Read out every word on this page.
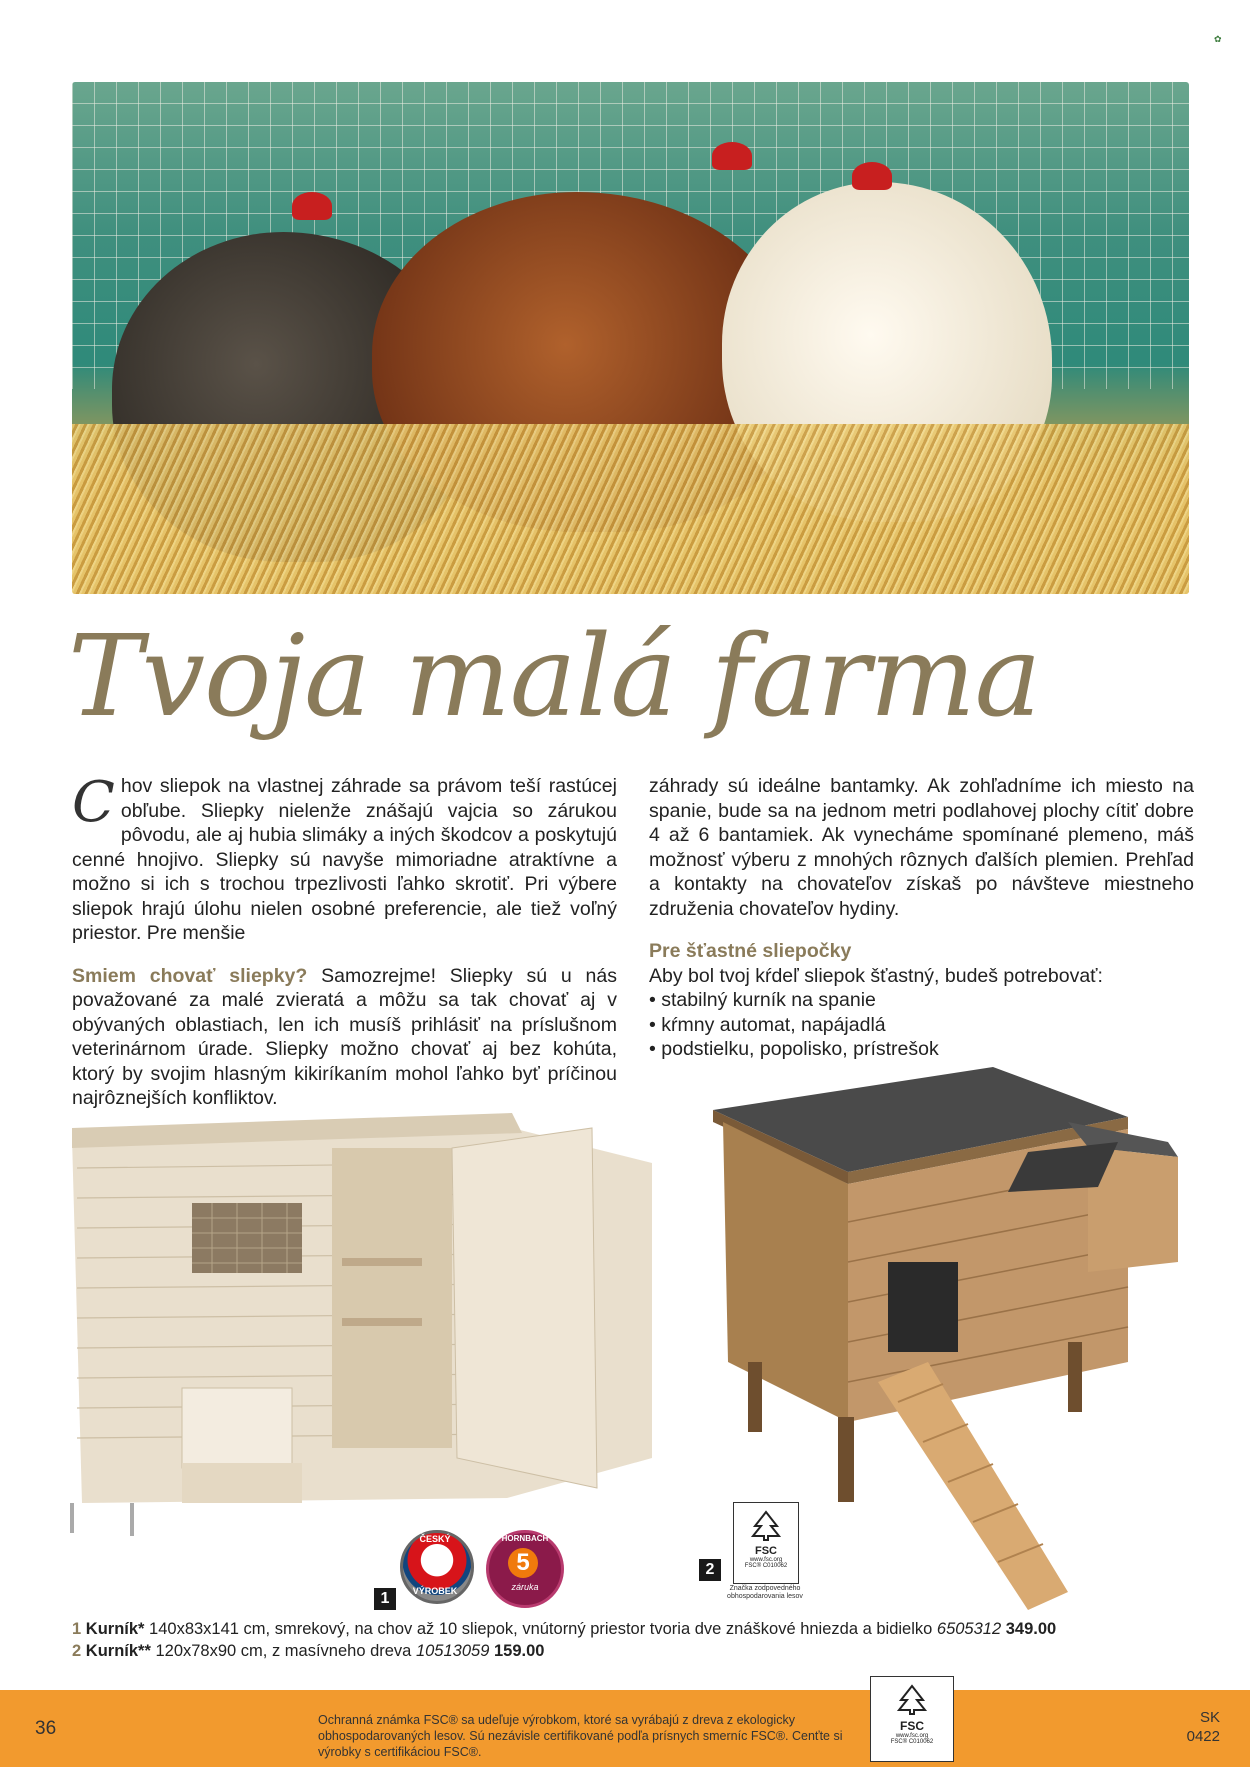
✿
Tvoja malá farma

Chov sliepok na vlastnej záhrade sa právom teší rastúcej obľube. Sliepky nielenže znášajú vajcia so zárukou pôvodu, ale aj hubia slimáky a iných škodcov a poskytujú cenné hnojivo. Sliepky sú navyše mimoriadne atraktívne a možno si ich s trochou trpezlivosti ľahko skrotiť. Pri výbere sliepok hrajú úlohu nielen osobné preferencie, ale tiež voľný priestor. Pre menšie

Smiem chovať sliepky? Samozrejme! Sliepky sú u nás považované za malé zvieratá a môžu sa tak chovať aj v obývaných oblastiach, len ich musíš prihlásiť na príslušnom veterinárnom úrade. Sliepky možno chovať aj bez kohúta, ktorý by svojim hlasným kikiríkaním mohol ľahko byť príčinou najrôznejších konfliktov.

záhrady sú ideálne bantamky. Ak zohľadníme ich miesto na spanie, bude sa na jednom metri podlahovej plochy cítiť dobre 4 až 6 bantamiek. Ak vynecháme spomínané plemeno, máš možnosť výberu z mnohých rôznych ďalších plemien. Prehľad a kontakty na chovateľov získaš po návšteve miestneho združenia chovateľov hydiny.

Pre šťastné sliepočky
Aby bol tvoj kŕdeľ sliepok šťastný, budeš potrebovať:

• stabilný kurník na spanie
• kŕmny automat, napájadlá
• podstielku, popolisko, prístrešok
1
2
ČESKÝ
VÝROBEK
HORNBACH
5
záruka
FSC
www.fsc.org
FSC® C010062
Značka zodpovedného obhospodarovania lesov
1 Kurník* 140x83x141 cm, smrekový, na chov až 10 sliepok, vnútorný priestor tvoria dve znáškové hniezda a bidielko 6505312 349.00
2 Kurník** 120x78x90 cm, z masívneho dreva 10513059 159.00
36	Ochranná známka FSC® sa udeľuje výrobkom, ktoré sa vyrábajú z dreva z ekologicky obhospodarovaných lesov. Sú nezávisle certifikované podľa prísnych smerníc FSC®. Cenťte si výrobky s certifikáciou FSC®.
FSC
www.fsc.org
FSC® C010062
SK
0422
